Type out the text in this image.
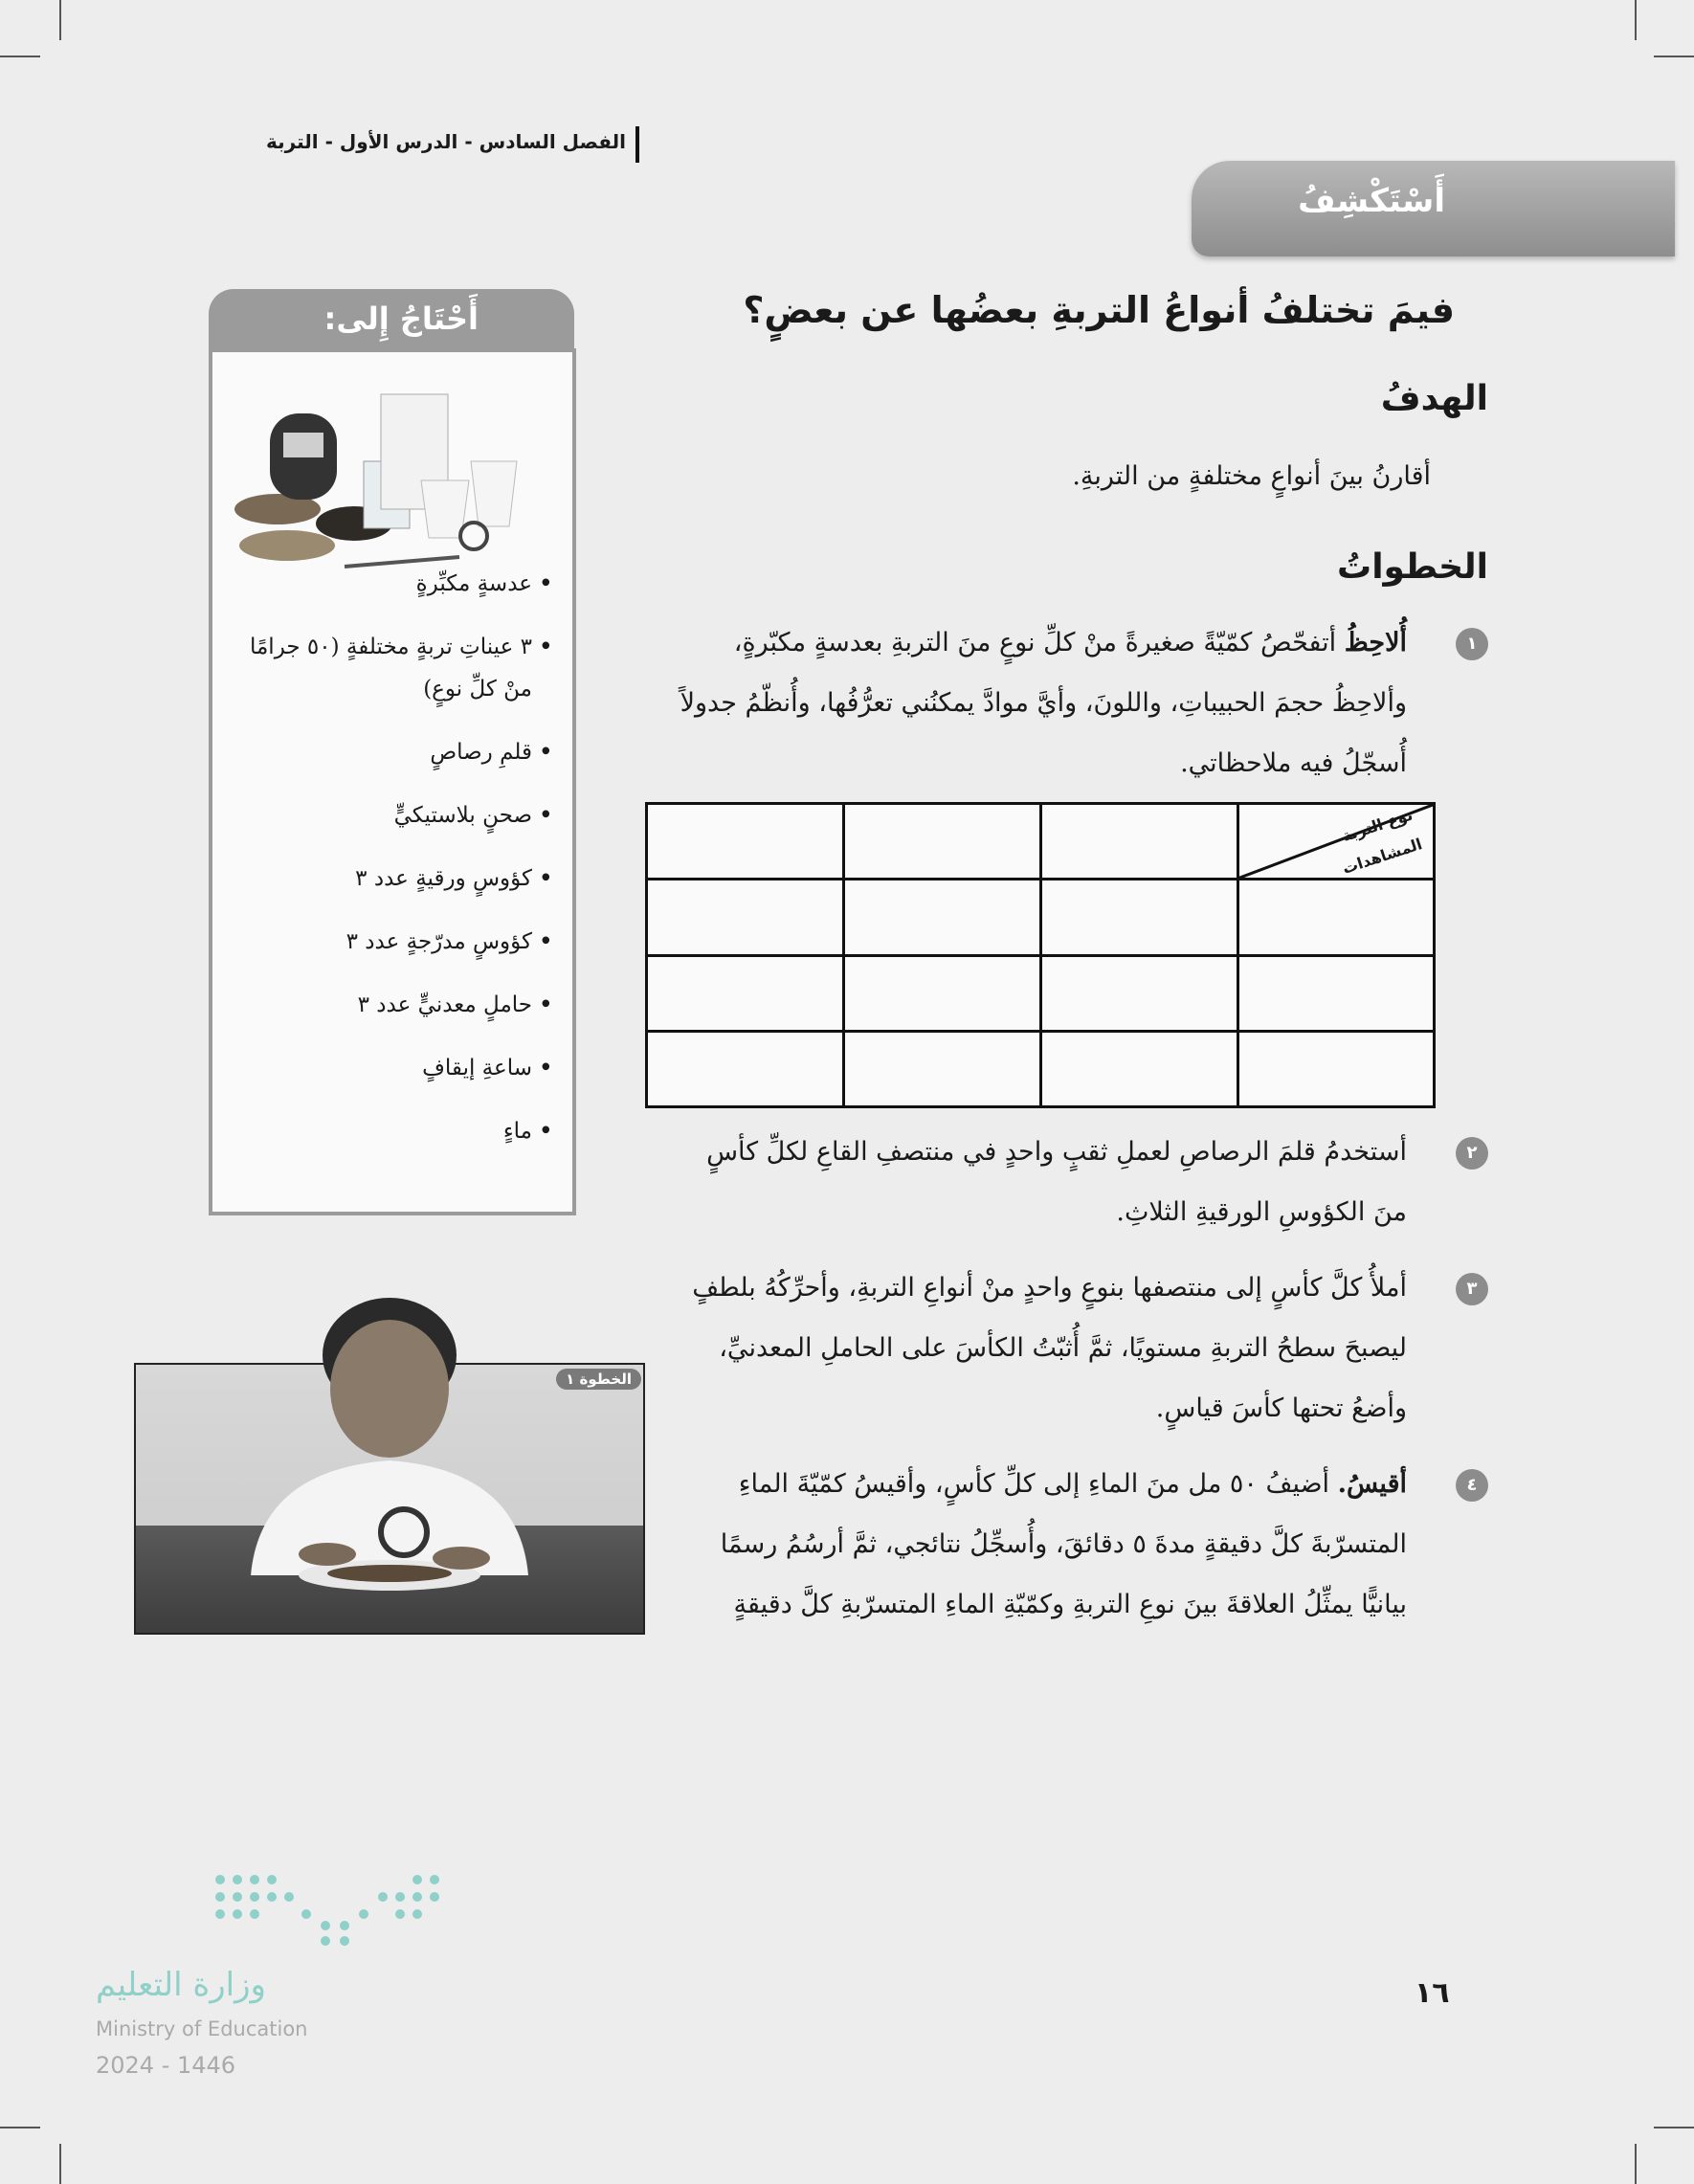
الفصل السادس - الدرس الأول - التربة
أَسْتَكْشِفُ
فيمَ تختلفُ أنواعُ التربةِ بعضُها عن بعضٍ؟
الهدفُ
أقارنُ بينَ أنواعٍ مختلفةٍ من التربةِ.
الخطواتُ
١
أُلاحِظُ أتفحّصُ كمّيّةً صغيرةً منْ كلِّ نوعٍ منَ التربةِ بعدسةٍ مكبّرةٍ، وألاحِظُ حجمَ الحبيباتِ، واللونَ، وأيَّ موادَّ يمكنُني تعرُّفُها، وأُنظّمُ جدولاً أُسجّلُ فيه ملاحظاتي.

			نوع التربة
المشاهدات

٢
أستخدمُ قلمَ الرصاصِ لعملِ ثقبٍ واحدٍ في منتصفِ القاعِ لكلِّ كأسٍ منَ الكؤوسِ الورقيةِ الثلاثِ.
٣
أملأُ كلَّ كأسٍ إلى منتصفها بنوعٍ واحدٍ منْ أنواعِ التربةِ، وأحرِّكُهُ بلطفٍ ليصبحَ سطحُ التربةِ مستويًا، ثمَّ أُثبّتُ الكأسَ على الحاملِ المعدنيِّ، وأضعُ تحتها كأسَ قياسٍ.
٤
أقيسُ. أضيفُ ٥٠ مل منَ الماءِ إلى كلِّ كأسٍ، وأقيسُ كمّيّةَ الماءِ المتسرّبةَ كلَّ دقيقةٍ مدةَ ٥ دقائقَ، وأُسجِّلُ نتائجي، ثمَّ أرسُمُ رسمًا بيانيًّا يمثِّلُ العلاقةَ بينَ نوعِ التربةِ وكمّيّةِ الماءِ المتسرّبةِ كلَّ دقيقةٍ
أَحْتَاجُ إِلى:
• عدسةٍ مكبِّرةٍ
• ٣ عيناتِ تربةٍ مختلفةٍ (٥٠ جرامًا منْ كلِّ نوعٍ)
• قلمِ رصاصٍ
• صحنٍ بلاستيكيٍّ
• كؤوسٍ ورقيةٍ عدد ٣
• كؤوسٍ مدرّجةٍ عدد ٣
• حاملٍ معدنيٍّ عدد ٣
• ساعةِ إيقافٍ
• ماءٍ
الخطوة ١
وزارة التعليم
Ministry of Education
2024 - 1446
١٦
